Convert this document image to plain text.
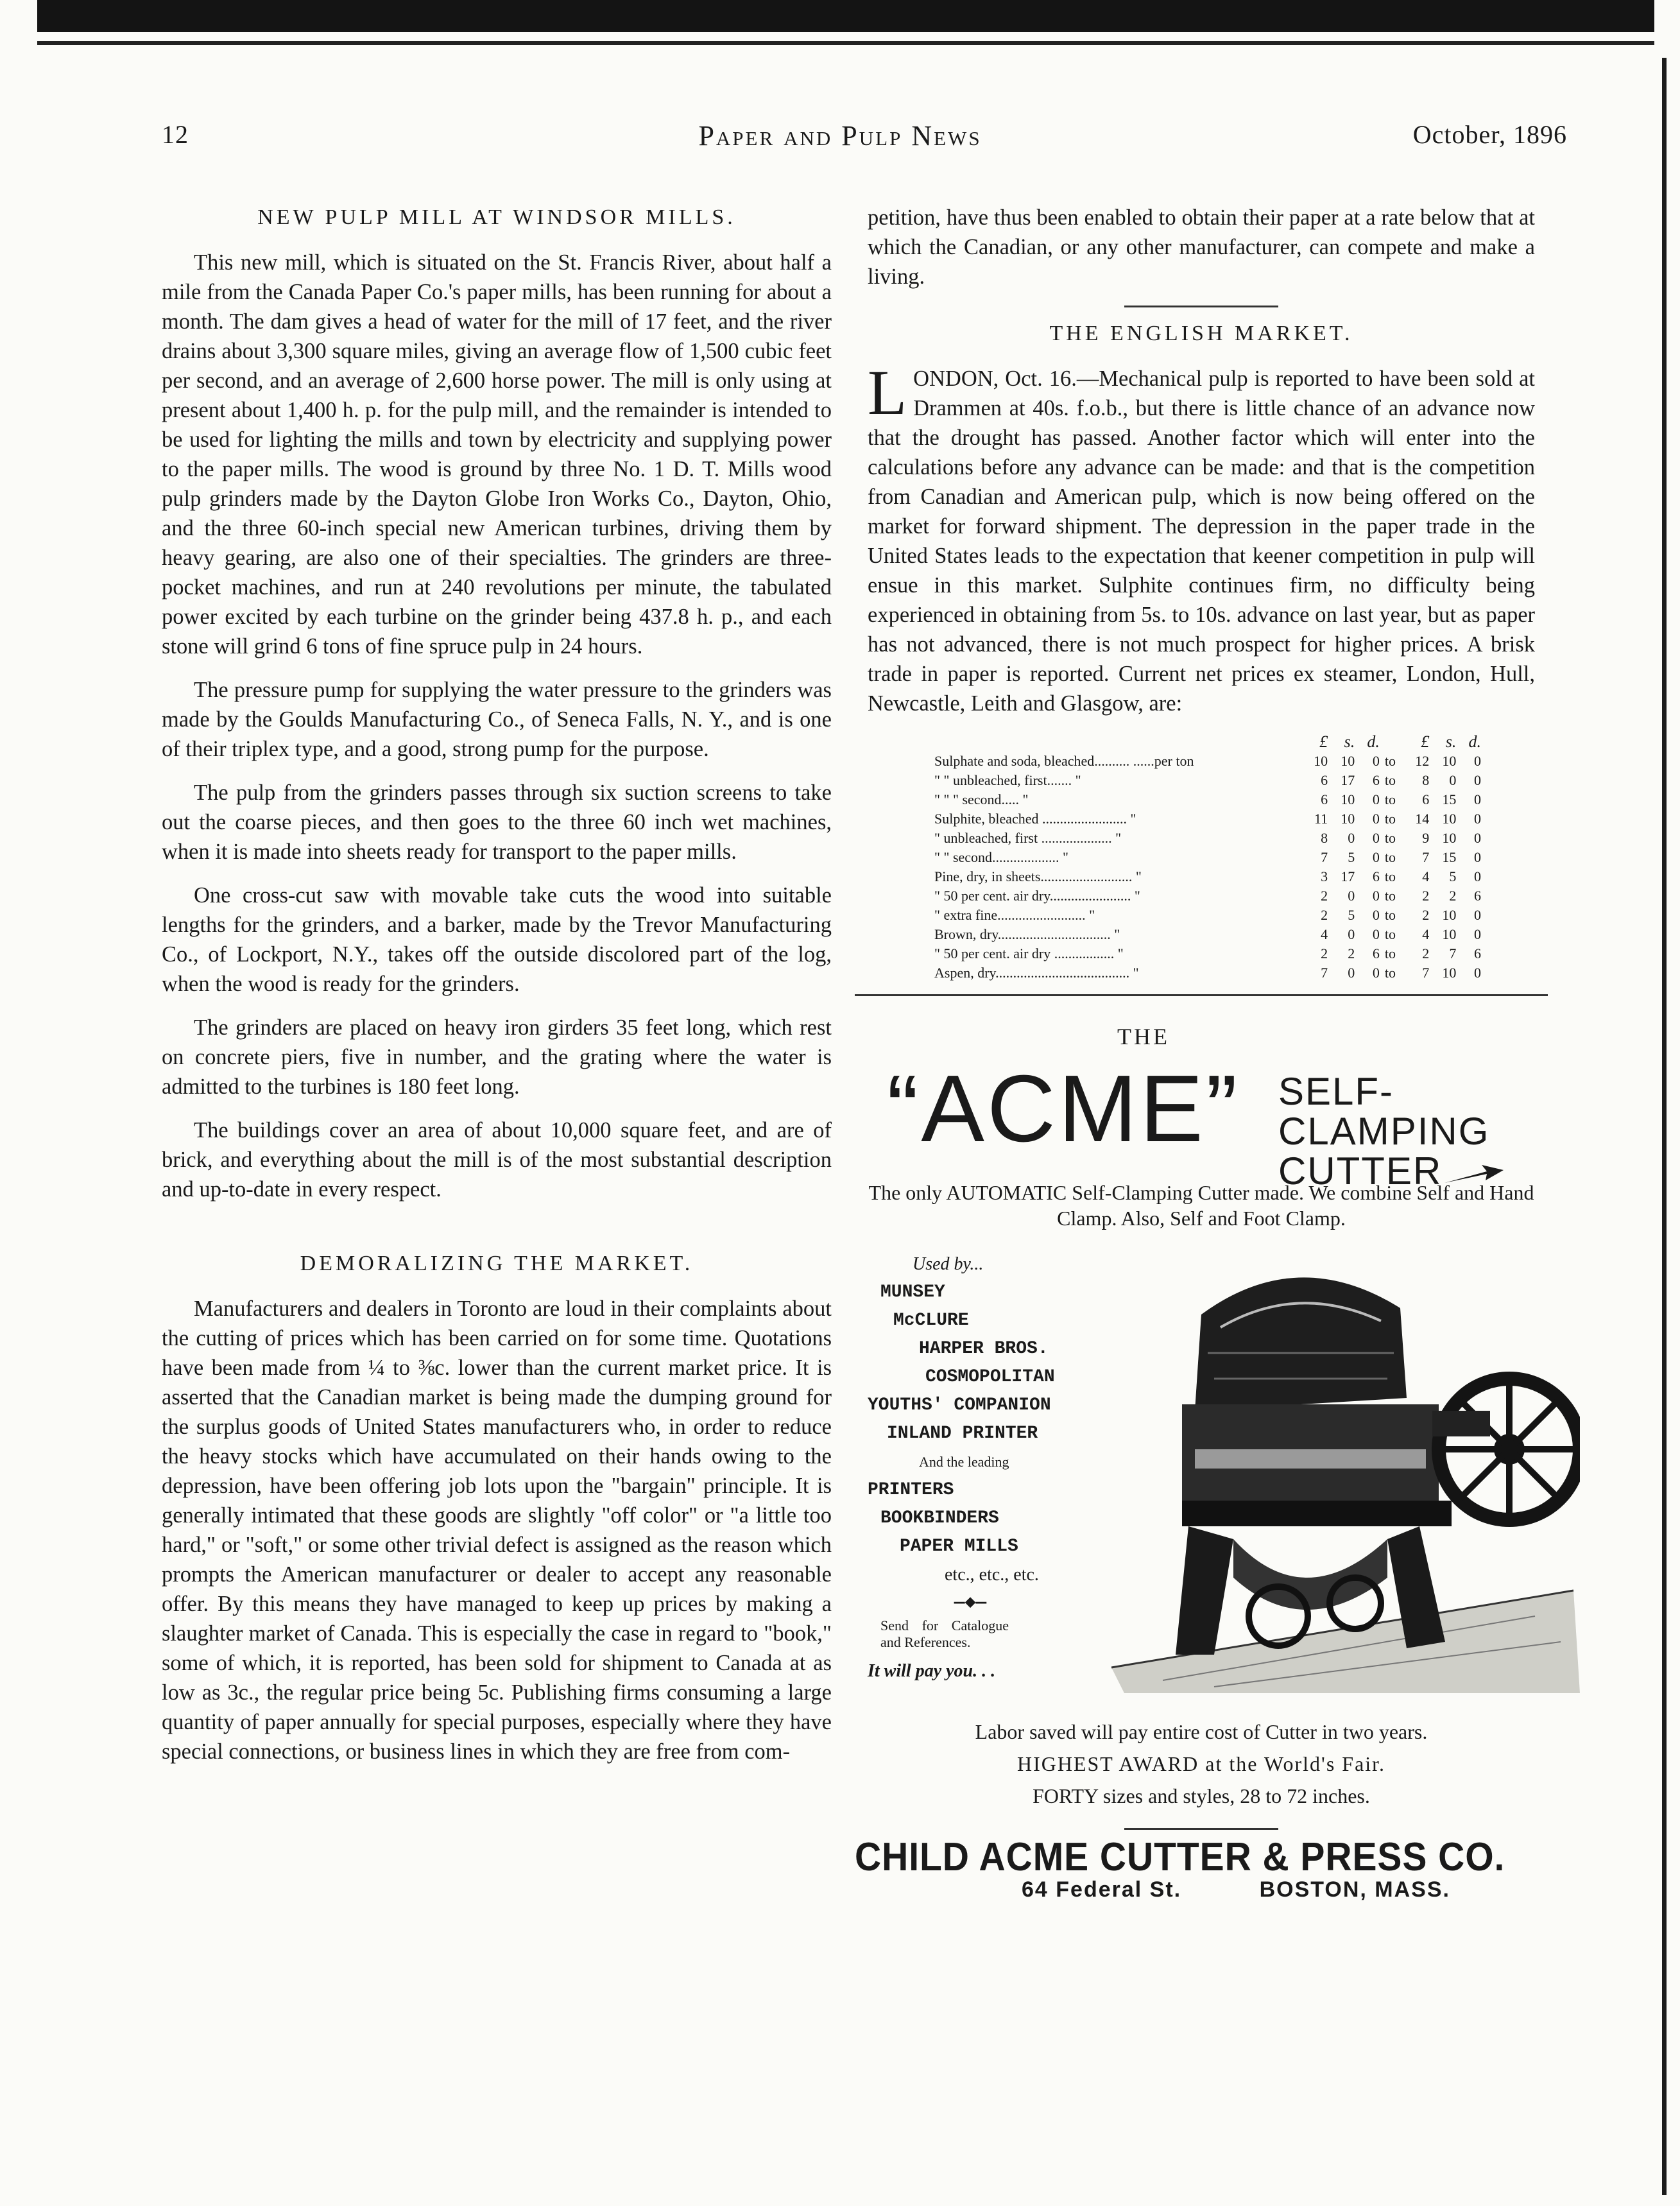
12	Paper and Pulp News	October, 1896
NEW PULP MILL AT WINDSOR MILLS.

This new mill, which is situated on the St. Francis River, about half a mile from the Canada Paper Co.'s paper mills, has been running for about a month. The dam gives a head of water for the mill of 17 feet, and the river drains about 3,300 square miles, giving an average flow of 1,500 cubic feet per second, and an average of 2,600 horse power. The mill is only using at present about 1,400 h. p. for the pulp mill, and the remainder is intended to be used for lighting the mills and town by electricity and supplying power to the paper mills. The wood is ground by three No. 1 D. T. Mills wood pulp grinders made by the Dayton Globe Iron Works Co., Dayton, Ohio, and the three 60-inch special new American turbines, driving them by heavy gearing, are also one of their specialties. The grinders are three-pocket machines, and run at 240 revolutions per minute, the tabulated power excited by each turbine on the grinder being 437.8 h. p., and each stone will grind 6 tons of fine spruce pulp in 24 hours.

The pressure pump for supplying the water pressure to the grinders was made by the Goulds Manufacturing Co., of Seneca Falls, N. Y., and is one of their triplex type, and a good, strong pump for the purpose.

The pulp from the grinders passes through six suction screens to take out the coarse pieces, and then goes to the three 60 inch wet machines, when it is made into sheets ready for transport to the paper mills.

One cross-cut saw with movable take cuts the wood into suitable lengths for the grinders, and a barker, made by the Trevor Manufacturing Co., of Lockport, N.Y., takes off the outside discolored part of the log, when the wood is ready for the grinders.

The grinders are placed on heavy iron girders 35 feet long, which rest on concrete piers, five in number, and the grating where the water is admitted to the turbines is 180 feet long.

The buildings cover an area of about 10,000 square feet, and are of brick, and everything about the mill is of the most substantial description and up-to-date in every respect.

DEMORALIZING THE MARKET.

Manufacturers and dealers in Toronto are loud in their complaints about the cutting of prices which has been carried on for some time. Quotations have been made from ¼ to ⅜c. lower than the current market price. It is asserted that the Canadian market is being made the dumping ground for the surplus goods of United States manufacturers who, in order to reduce the heavy stocks which have accumulated on their hands owing to the depression, have been offering job lots upon the "bargain" principle. It is generally intimated that these goods are slightly "off color" or "a little too hard," or "soft," or some other trivial defect is assigned as the reason which prompts the American manufacturer or dealer to accept any reasonable offer. By this means they have managed to keep up prices by making a slaughter market of Canada. This is especially the case in regard to "book," some of which, it is reported, has been sold for shipment to Canada at as low as 3c., the regular price being 5c. Publishing firms consuming a large quantity of paper annually for special purposes, especially where they have special connections, or business lines in which they are free from com-

petition, have thus been enabled to obtain their paper at a rate below that at which the Canadian, or any other manufacturer, can compete and make a living.

THE ENGLISH MARKET.

L ONDON, Oct. 16.—Mechanical pulp is reported to have been sold at Drammen at 40s. f.o.b., but there is little chance of an advance now that the drought has passed. Another factor which will enter into the calculations before any advance can be made: and that is the competition from Canadian and American pulp, which is now being offered on the market for forward shipment. The depression in the paper trade in the United States leads to the expectation that keener competition in pulp will ensue in this market. Sulphite continues firm, no difficulty being experienced in obtaining from 5s. to 10s. advance on last year, but as paper has not advanced, there is not much prospect for higher prices. A brisk trade in paper is reported. Current net prices ex steamer, London, Hull, Newcastle, Leith and Glasgow, are:

	£	s.	d.		£	s.	d.
Sulphate and soda, bleached.......... ......per ton	10	10	0	to	12	10	0
" " unbleached, first....... "	6	17	6	to	8	0	0
" " " second..... "	6	10	0	to	6	15	0
Sulphite, bleached ........................ "	11	10	0	to	14	10	0
" unbleached, first .................... "	8	0	0	to	9	10	0
" " second................... "	7	5	0	to	7	15	0
Pine, dry, in sheets.......................... "	3	17	6	to	4	5	0
" 50 per cent. air dry....................... "	2	0	0	to	2	2	6
" extra fine......................... "	2	5	0	to	2	10	0
Brown, dry................................ "	4	0	0	to	4	10	0
" 50 per cent. air dry ................. "	2	2	6	to	2	7	6
Aspen, dry...................................... "	7	0	0	to	7	10	0
THE
“ACME” SELF-CLAMPING
CUTTER
The only AUTOMATIC Self-Clamping Cutter made. We combine Self and Hand Clamp. Also, Self and Foot Clamp.
Used by...
MUNSEY
McCLURE
HARPER BROS.
COSMOPOLITAN
YOUTHS' COMPANION
INLAND PRINTER
And the leading
PRINTERS
BOOKBINDERS
PAPER MILLS
etc., etc., etc.
—◆—
Send for Catalogue and References.
It will pay you. . .
Labor saved will pay entire cost of Cutter in two years.
HIGHEST AWARD at the World's Fair.
FORTY sizes and styles, 28 to 72 inches.
CHILD ACME CUTTER & PRESS CO.
64 Federal St.	BOSTON, MASS.
